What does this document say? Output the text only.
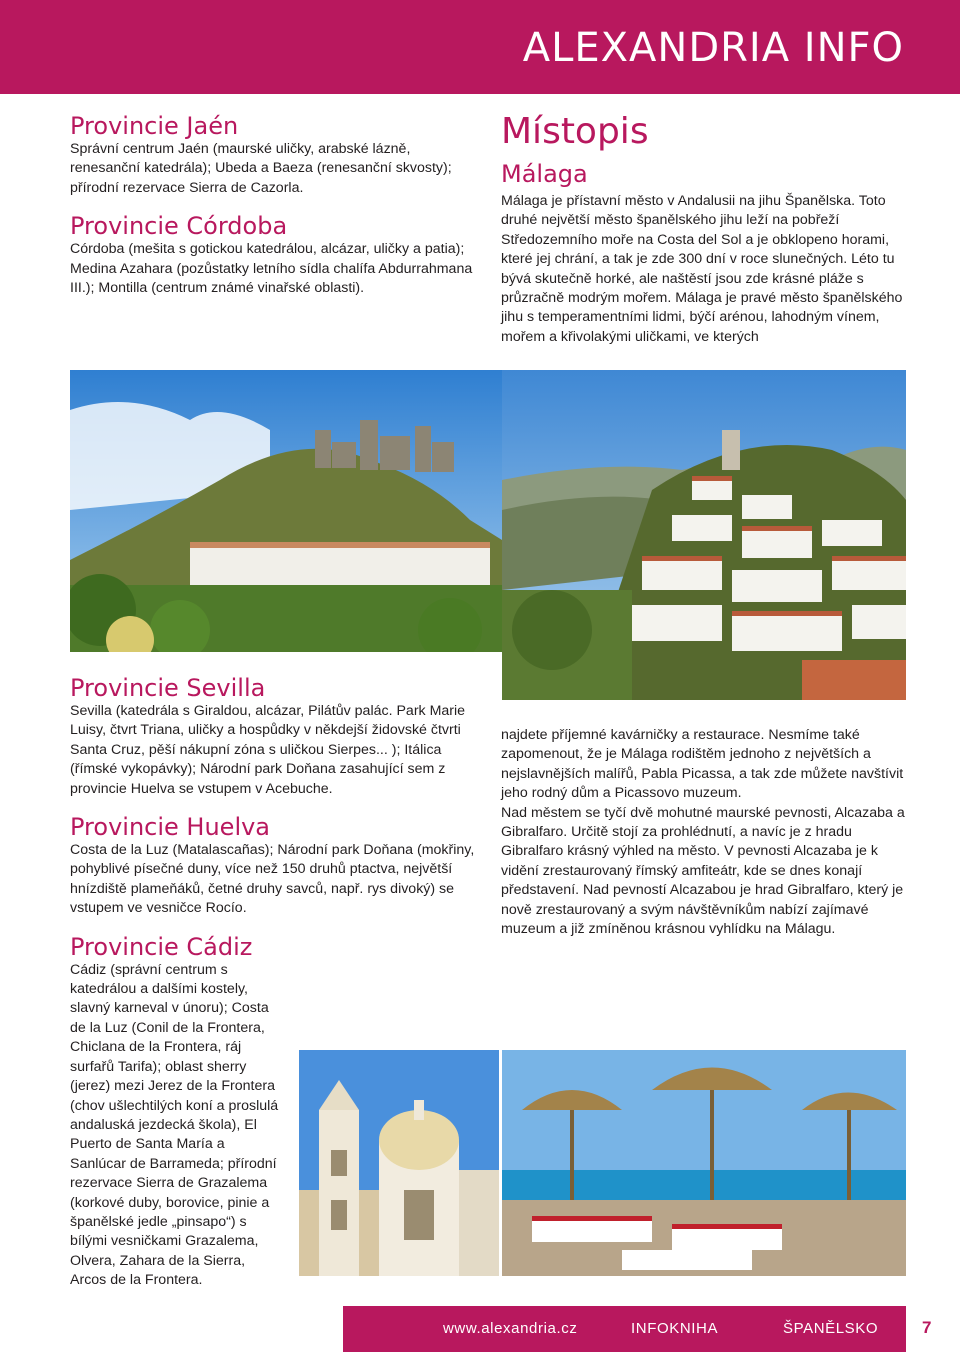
ALEXANDRIA INFO
Provincie Jaén

Správní centrum Jaén (maurské uličky, arabské lázně, renesanční katedrála); Ubeda a Baeza (renesanční skvosty); přírodní rezervace Sierra de Cazorla.

Provincie Córdoba

Córdoba (mešita s gotickou katedrálou, alcázar, uličky a patia); Medina Azahara (pozůstatky letního sídla chalífa Abdurrahmana III.); Montilla (centrum známé vinařské oblasti).

Místopis
Málaga

Málaga je přístavní město v Andalusii na jihu Španělska. Toto druhé největší město španělského jihu leží na pobřeží Středozemního moře na Costa del Sol a je obklopeno horami, které jej chrání, a tak je zde 300 dní v roce slunečných. Léto tu bývá skutečně horké, ale naštěstí jsou zde krásné pláže s průzračně modrým mořem. Málaga je pravé město španělského jihu s temperamentními lidmi, býčí arénou, lahodným vínem, mořem a křivolakými uličkami, ve kterých

Provincie Sevilla

Sevilla (katedrála s Giraldou, alcázar, Pilátův palác. Park Marie Luisy, čtvrt Triana, uličky a hospůdky v někdejší židovské čtvrti Santa Cruz, pěší nákupní zóna s uličkou Sierpes... ); Itálica (římské vykopávky); Národní park Doňana zasahující sem z provincie Huelva se vstupem v Acebuche.

Provincie Huelva

Costa de la Luz (Matalascañas); Národní park Doňana (mokřiny, pohyblivé písečné duny, více než 150 druhů ptactva, největší hnízdiště plameňáků, četné druhy savců, např. rys divoký) se vstupem ve vesničce Rocío.

Provincie Cádiz

Cádiz (správní centrum s katedrálou a dalšími kostely, slavný karneval v únoru); Costa de la Luz (Conil de la Frontera, Chiclana de la Frontera, ráj surfařů Tarifa); oblast sherry (jerez) mezi Jerez de la Frontera (chov ušlechtilých koní a proslulá andaluská jezdecká škola), El Puerto de Santa María a Sanlúcar de Barrameda; přírodní rezervace Sierra de Grazalema (korkové duby, borovice, pinie a španělské jedle „pinsapo“) s bílými vesničkami Grazalema, Olvera, Zahara de la Sierra, Arcos de la Frontera.

najdete příjemné kavárničky a restaurace. Nesmíme také zapomenout, že je Málaga rodištěm jednoho z největších a nejslavnějších malířů, Pabla Picassa, a tak zde můžete navštívit jeho rodný dům a Picassovo muzeum.

Nad městem se tyčí dvě mohutné maurské pevnosti, Alcazaba a Gibralfaro. Určitě stojí za prohlédnutí, a navíc je z hradu Gibralfaro krásný výhled na město. V pevnosti Alcazaba je k vidění zrestaurovaný římský amfiteátr, kde se dnes konají představení. Nad pevností Alcazabou je hrad Gibralfaro, který je nově zrestaurovaný a svým návštěvníkům nabízí zajímavé muzeum a již zmíněnou krásnou vyhlídku na Málagu.

www.alexandria.cz	INFOKNIHA	ŠPANĚLSKO	7
